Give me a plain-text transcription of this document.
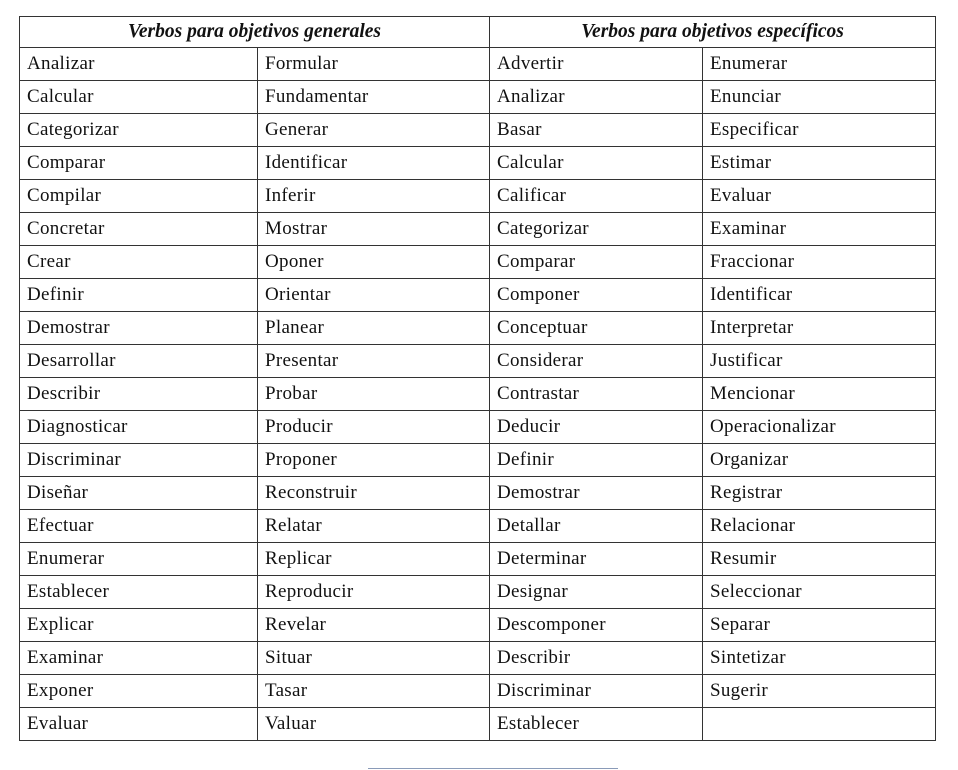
Verbos para objetivos generales		Verbos para objetivos específicos	
Analizar	Formular	Advertir	Enumerar
Calcular	Fundamentar	Analizar	Enunciar
Categorizar	Generar	Basar	Especificar
Comparar	Identificar	Calcular	Estimar
Compilar	Inferir	Calificar	Evaluar
Concretar	Mostrar	Categorizar	Examinar
Crear	Oponer	Comparar	Fraccionar
Definir	Orientar	Componer	Identificar
Demostrar	Planear	Conceptuar	Interpretar
Desarrollar	Presentar	Considerar	Justificar
Describir	Probar	Contrastar	Mencionar
Diagnosticar	Producir	Deducir	Operacionalizar
Discriminar	Proponer	Definir	Organizar
Diseñar	Reconstruir	Demostrar	Registrar
Efectuar	Relatar	Detallar	Relacionar
Enumerar	Replicar	Determinar	Resumir
Establecer	Reproducir	Designar	Seleccionar
Explicar	Revelar	Descomponer	Separar
Examinar	Situar	Describir	Sintetizar
Exponer	Tasar	Discriminar	Sugerir
Evaluar	Valuar	Establecer	
